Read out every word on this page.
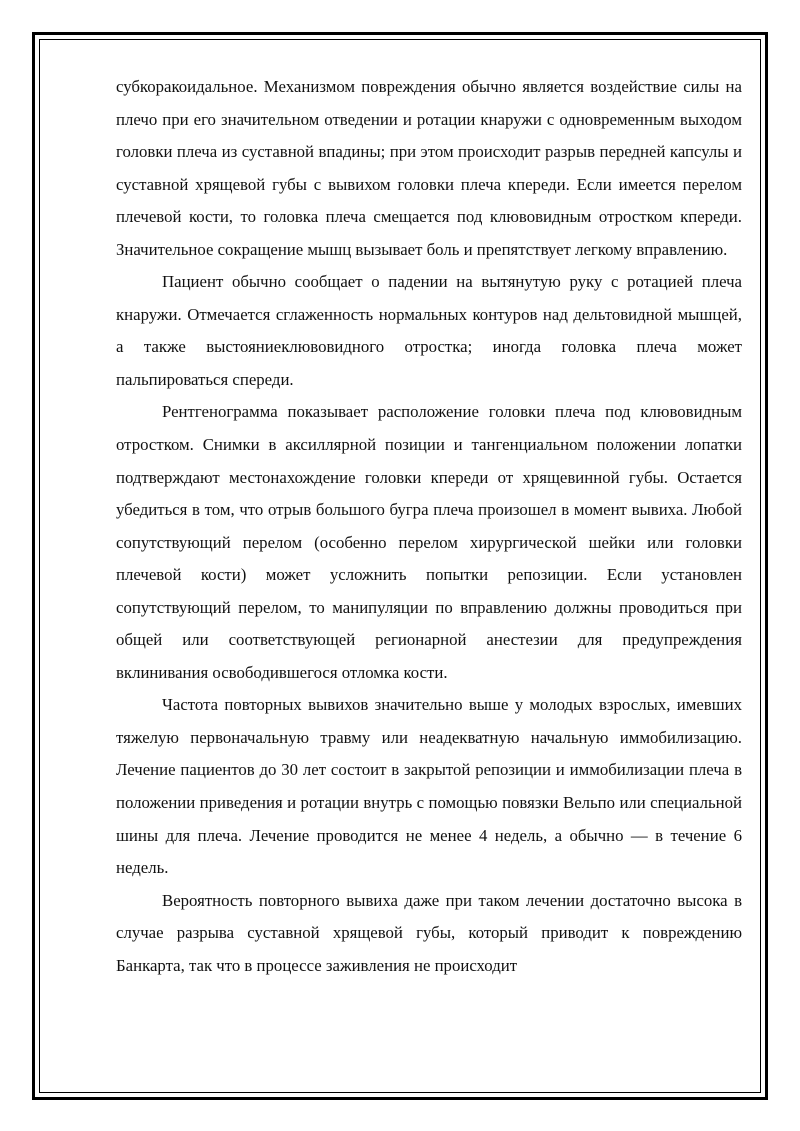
субкоракоидальное. Механизмом повреждения обычно является воздействие силы на плечо при его значительном отведении и ротации кнаружи с одновременным выходом головки плеча из суставной впадины; при этом происходит разрыв передней капсулы и суставной хрящевой губы с вывихом головки плеча кпереди. Если имеется перелом плечевой кости, то головка плеча смещается под клювовидным отростком кпереди. Значительное сокращение мышц вызывает боль и препятствует легкому вправлению.

Пациент обычно сообщает о падении на вытянутую руку с ротацией плеча кнаружи. Отмечается сглаженность нормальных контуров над дельтовидной мышцей, а также выстояниеклювовидного отростка; иногда головка плеча может пальпироваться спереди.

Рентгенограмма показывает расположение головки плеча под клювовидным отростком. Снимки в аксиллярной позиции и тангенциальном положении лопатки подтверждают местонахождение головки кпереди от хрящевинной губы. Остается убедиться в том, что отрыв большого бугра плеча произошел в момент вывиха. Любой сопутствующий перелом (особенно перелом хирургической шейки или головки плечевой кости) может усложнить попытки репозиции. Если установлен сопутствующий перелом, то манипуляции по вправлению должны проводиться при общей или соответствующей регионарной анестезии для предупреждения вклинивания освободившегося отломка кости.

Частота повторных вывихов значительно выше у молодых взрослых, имевших тяжелую первоначальную травму или неадекватную начальную иммобилизацию. Лечение пациентов до 30 лет состоит в закрытой репозиции и иммобилизации плеча в положении приведения и ротации внутрь с помощью повязки Вельпо или специальной шины для плеча. Лечение проводится не менее 4 недель, а обычно — в течение 6 недель.

Вероятность повторного вывиха даже при таком лечении достаточно высока в случае разрыва суставной хрящевой губы, который приводит к повреждению Банкарта, так что в процессе заживления не происходит
